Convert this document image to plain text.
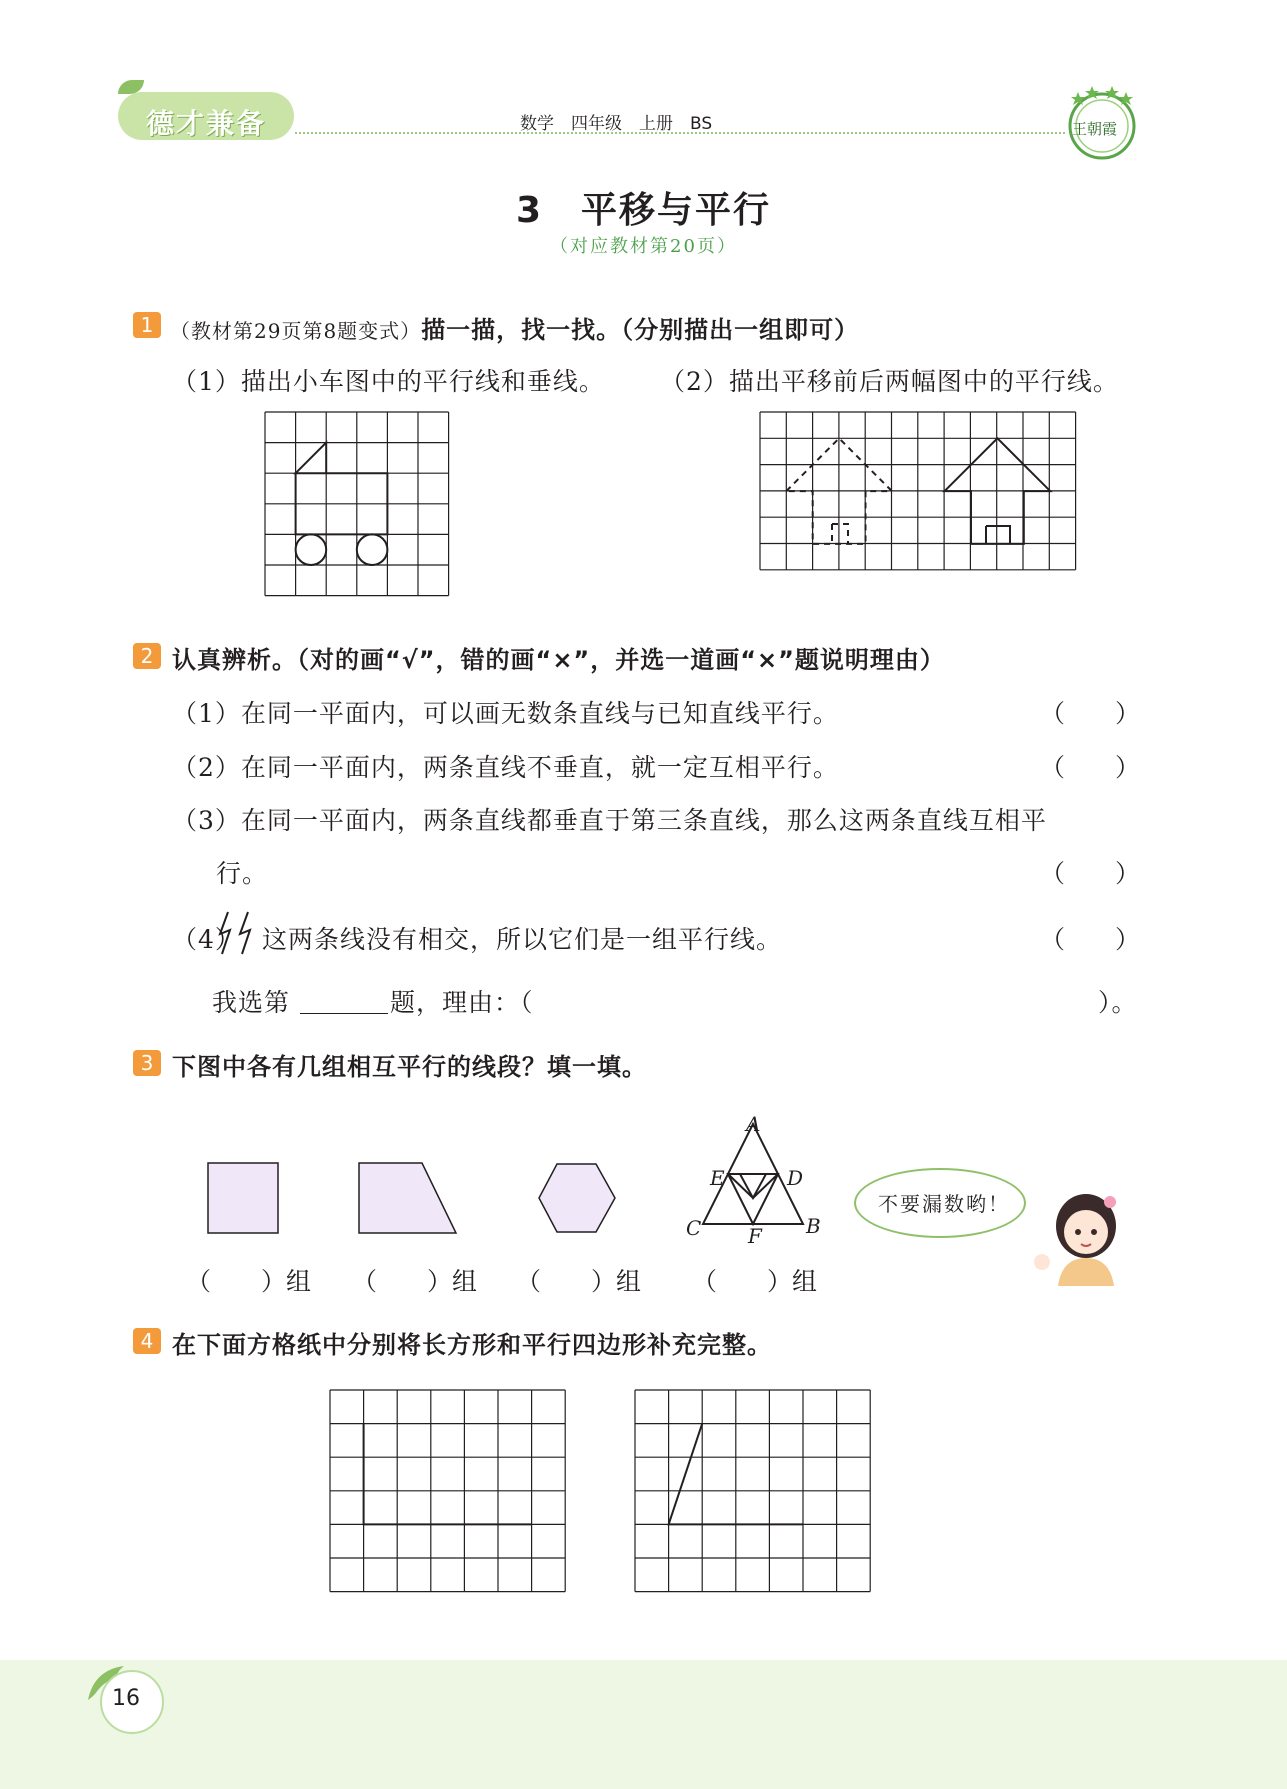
德才兼备	数学　四年级　上册　BS	王朝霞
3　平移与平行
（对应教材第20页）
1 （教材第29页第8题变式）描一描，找一找。（分别描出一组即可）
（1）描出小车图中的平行线和垂线。 （2）描出平移前后两幅图中的平行线。
2 认真辨析。（对的画“√”，错的画“×”，并选一道画“×”题说明理由）
（1）在同一平面内，可以画无数条直线与已知直线平行。	（　　）
（2）在同一平面内，两条直线不垂直，就一定互相平行。	（　　）
（3）在同一平面内，两条直线都垂直于第三条直线，那么这两条直线互相平
行。	（　　）
（4） 这两条线没有相交，所以它们是一组平行线。	（　　）
我选第	题，理由：（	）。
3 下图中各有几组相互平行的线段？填一填。
A
E	D
C F B
不要漏数哟！
（　　）组 （　　）组 （　　）组 （　　）组
4 在下面方格纸中分别将长方形和平行四边形补充完整。
16
